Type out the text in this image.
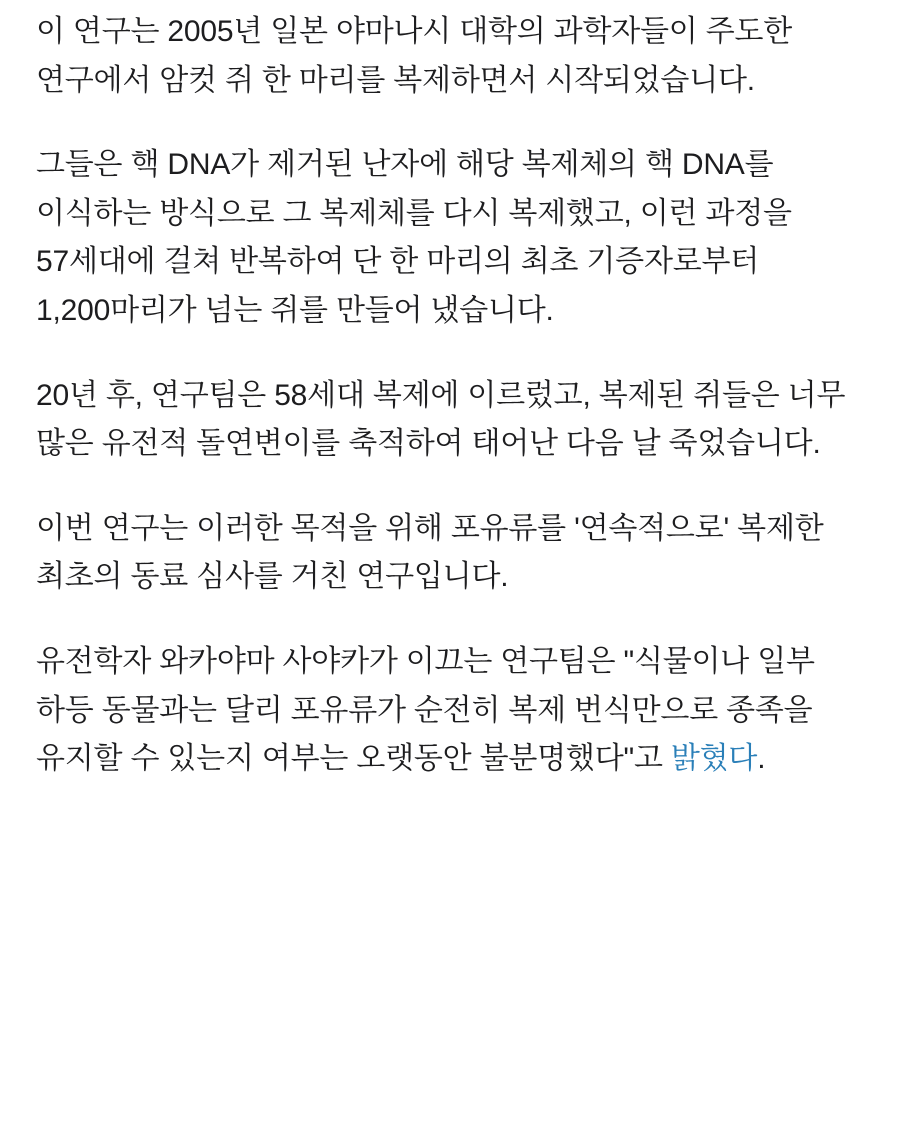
이 연구는 2005년 일본 야마나시 대학의 과학자들이 주도한 연구에서 암컷 쥐 한 마리를 복제하면서 시작되었습니다.

그들은 핵 DNA가 제거된 난자에 해당 복제체의 핵 DNA를 이식하는 방식으로 그 복제체를 다시 복제했고, 이런 과정을 57세대에 걸쳐 반복하여 단 한 마리의 최초 기증자로부터 1,200마리가 넘는 쥐를 만들어 냈습니다.

20년 후, 연구팀은 58세대 복제에 이르렀고, 복제된 쥐들은 너무 많은 유전적 돌연변이를 축적하여 태어난 다음 날 죽었습니다.

이번 연구는 이러한 목적을 위해 포유류를 '연속적으로' 복제한 최초의 동료 심사를 거친 연구입니다.

유전학자 와카야마 사야카가 이끄는 연구팀은 "식물이나 일부 하등 동물과는 달리 포유류가 순전히 복제 번식만으로 종족을 유지할 수 있는지 여부는 오랫동안 불분명했다"고 밝혔다.
